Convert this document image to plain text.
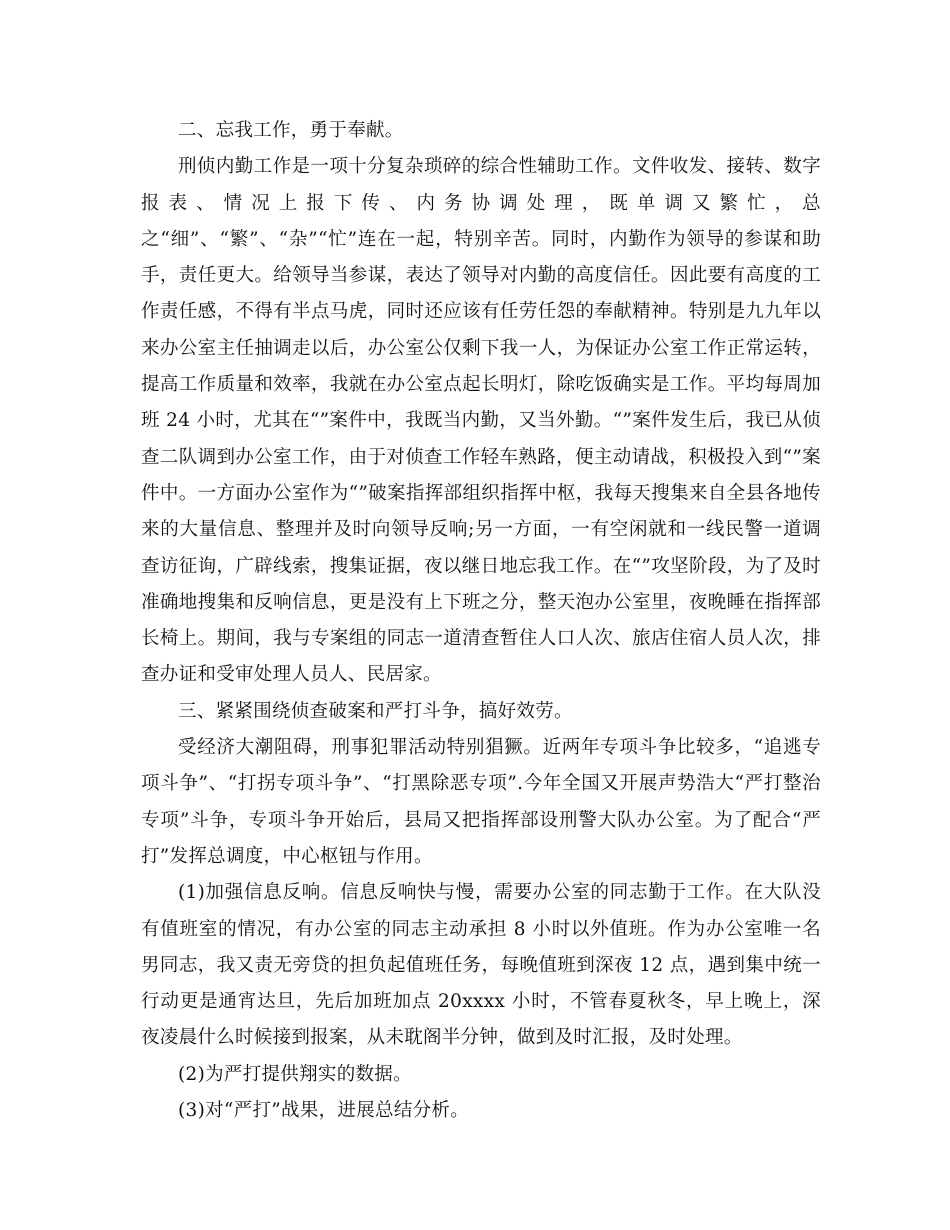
二、忘我工作，勇于奉献。

刑侦内勤工作是一项十分复杂琐碎的综合性辅助工作。文件收发、接转、数字报表、情况上报下传、内务协调处理，既单调又繁忙，总之“细”、“繁”、“杂”“忙”连在一起，特别辛苦。同时，内勤作为领导的参谋和助手，责任更大。给领导当参谋，表达了领导对内勤的高度信任。因此要有高度的工作责任感，不得有半点马虎，同时还应该有任劳任怨的奉献精神。特别是九九年以来办公室主任抽调走以后，办公室公仅剩下我一人，为保证办公室工作正常运转，提高工作质量和效率，我就在办公室点起长明灯，除吃饭确实是工作。平均每周加班 24 小时，尤其在“”案件中，我既当内勤，又当外勤。“”案件发生后，我已从侦查二队调到办公室工作，由于对侦查工作轻车熟路，便主动请战，积极投入到“”案件中。一方面办公室作为“”破案指挥部组织指挥中枢，我每天搜集来自全县各地传来的大量信息、整理并及时向领导反响;另一方面，一有空闲就和一线民警一道调查访征询，广辟线索，搜集证据，夜以继日地忘我工作。在“”攻坚阶段，为了及时准确地搜集和反响信息，更是没有上下班之分，整天泡办公室里，夜晚睡在指挥部长椅上。期间，我与专案组的同志一道清查暂住人口人次、旅店住宿人员人次，排查办证和受审处理人员人、民居家。

三、紧紧围绕侦查破案和严打斗争，搞好效劳。

受经济大潮阻碍，刑事犯罪活动特别猖獗。近两年专项斗争比较多，“追逃专项斗争”、“打拐专项斗争”、“打黑除恶专项”.今年全国又开展声势浩大“严打整治专项”斗争，专项斗争开始后，县局又把指挥部设刑警大队办公室。为了配合“严打”发挥总调度，中心枢钮与作用。

(1)加强信息反响。信息反响快与慢，需要办公室的同志勤于工作。在大队没有值班室的情况，有办公室的同志主动承担 8 小时以外值班。作为办公室唯一名男同志，我又责无旁贷的担负起值班任务，每晚值班到深夜 12 点，遇到集中统一行动更是通宵达旦，先后加班加点 20xxxx 小时，不管春夏秋冬，早上晚上，深夜凌晨什么时候接到报案，从未耽阁半分钟，做到及时汇报，及时处理。

(2)为严打提供翔实的数据。

(3)对“严打”战果，进展总结分析。
